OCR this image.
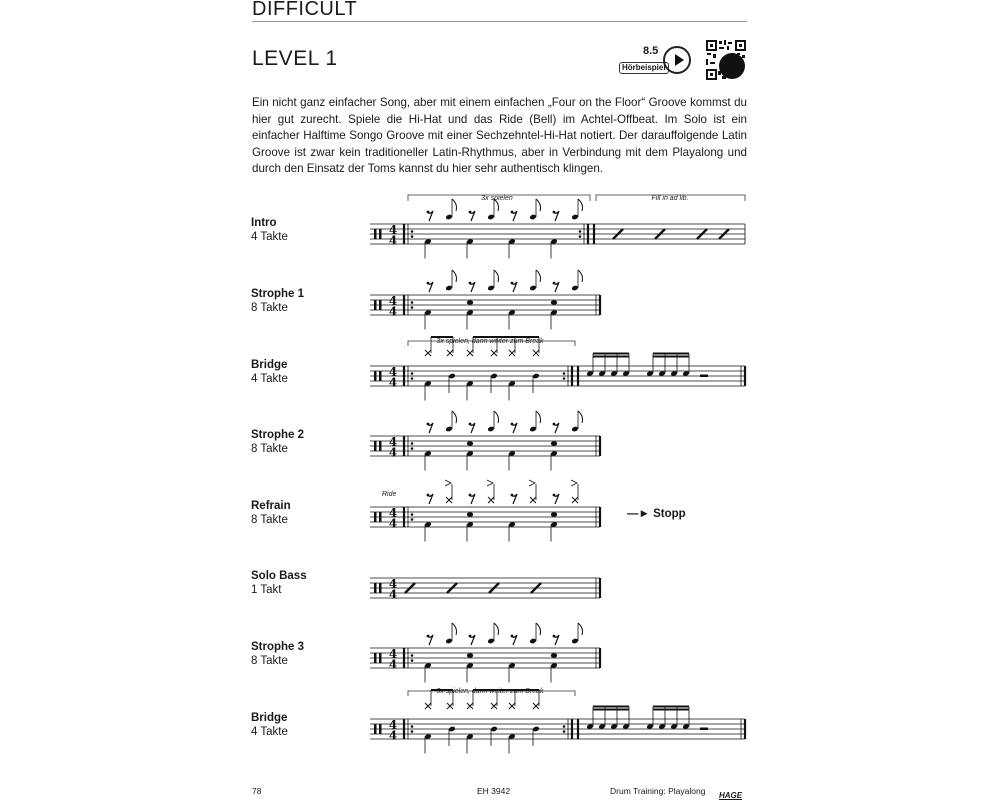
DIFFICULT
LEVEL 1	8.5
Hörbeispiel
Ein nicht ganz einfacher Song, aber mit einem einfachen „Four on the Floor“ Groove kommst du hier gut zurecht. Spiele die Hi-Hat und das Ride (Bell) im Achtel-Offbeat. Im Solo ist ein einfacher Halftime Songo Groove mit einer Sechzehntel-Hi-Hat notiert. Der darauffolgende Latin Groove ist zwar kein traditioneller Latin-Rhythmus, aber in Verbindung mit dem Playalong und durch den Einsatz der Toms kannst du hier sehr authentisch klingen.
Intro
4 Takte
Strophe 1
8 Takte
Bridge
4 Takte
Strophe 2
8 Takte
Refrain
8 Takte
Solo Bass
1 Takt
Strophe 3
8 Takte
Bridge
4 Takte
—► Stopp
3x spielen	Fill in ad lib.
3x spielen, dann weiter zum Break
3x spielen, dann weiter zum Break
Ride
4
4
4
4
4
4
4
4
4
4
4
4
4
4
4
4
78	EH 3942	Drum Training: Playalong HAGE
